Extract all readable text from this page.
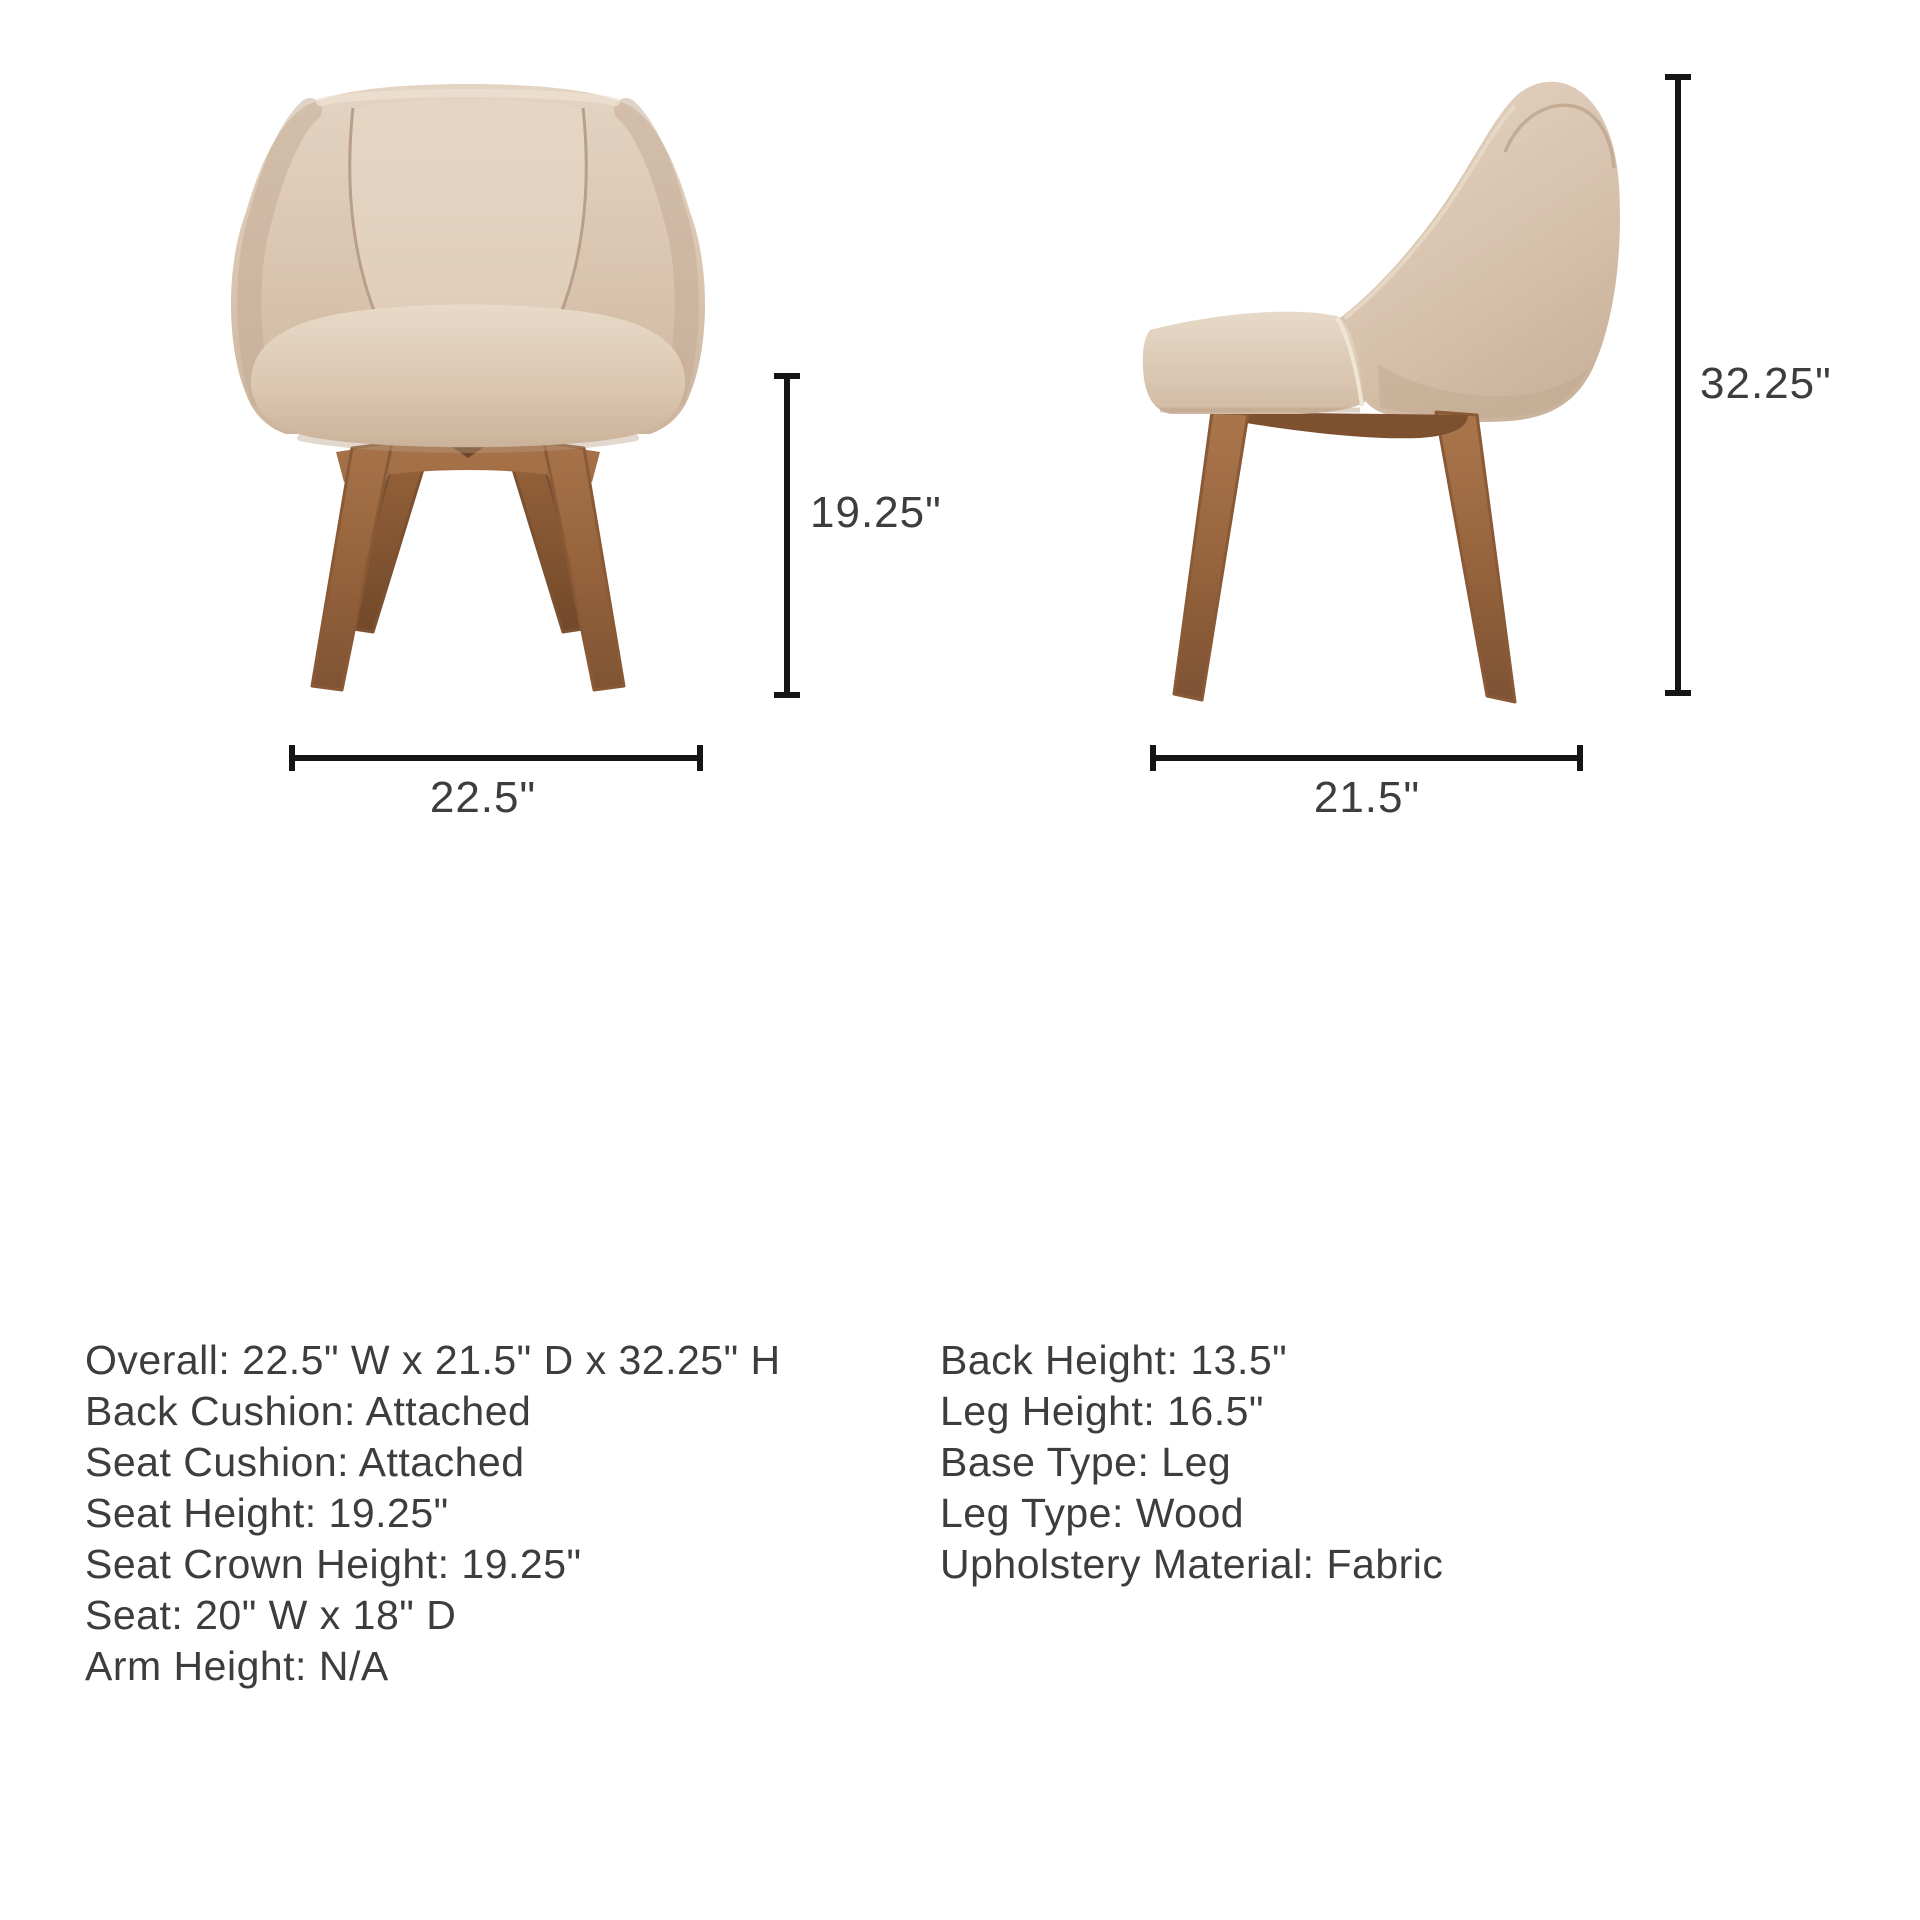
19.25"
22.5"	21.5"
32.25"
Overall: 22.5" W x 21.5" D x 32.25" H
Back Cushion: Attached
Seat Cushion: Attached
Seat Height: 19.25"
Seat Crown Height: 19.25"
Seat: 20" W x 18" D
Arm Height: N/A
Back Height: 13.5"
Leg Height: 16.5"
Base Type: Leg
Leg Type: Wood
Upholstery Material: Fabric
